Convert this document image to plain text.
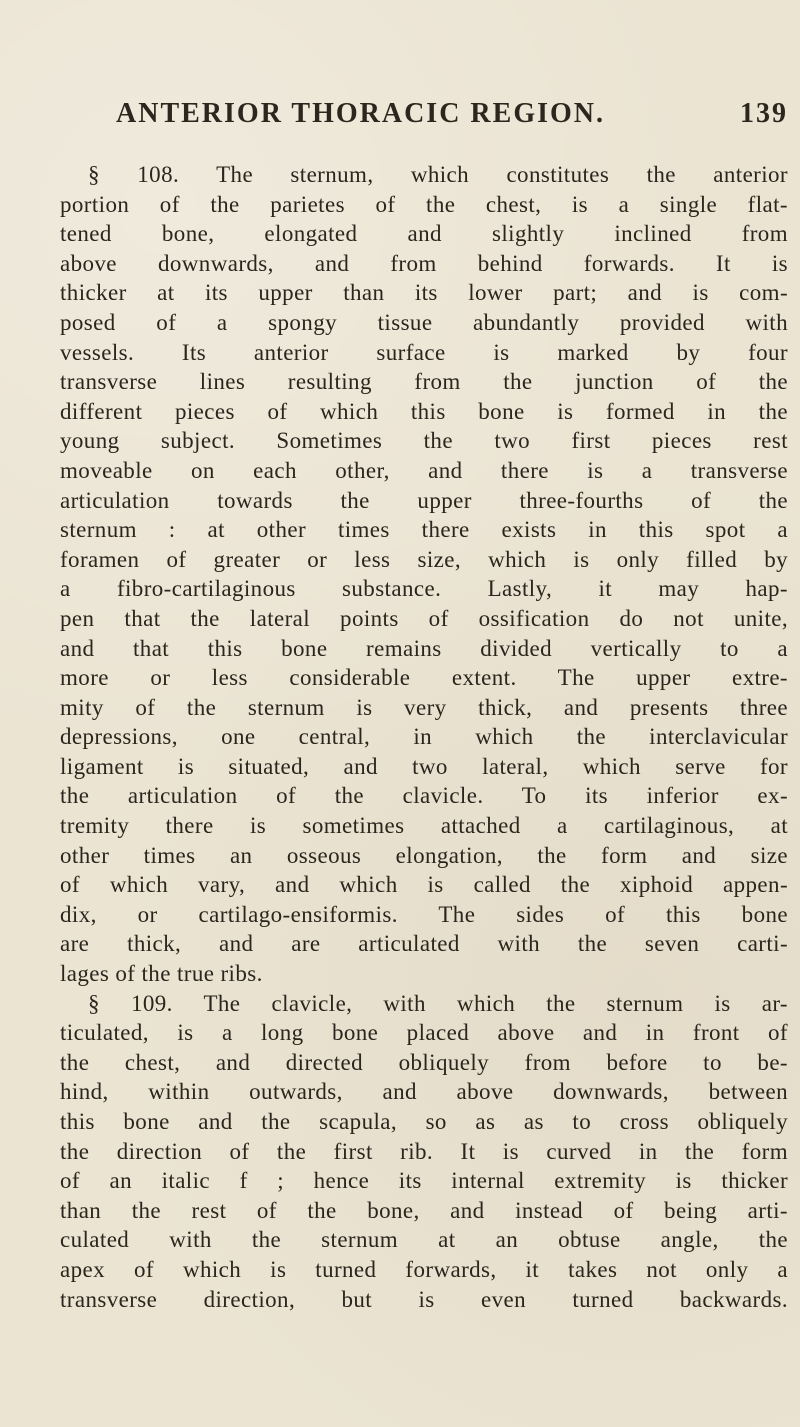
ANTERIOR THORACIC REGION.	139
§ 108. The sternum, which constitutes the anterior
portion of the parietes of the chest, is a single flat-
tened bone, elongated and slightly inclined from
above downwards, and from behind forwards. It is
thicker at its upper than its lower part; and is com-
posed of a spongy tissue abundantly provided with
vessels. Its anterior surface is marked by four
transverse lines resulting from the junction of the
different pieces of which this bone is formed in the
young subject. Sometimes the two first pieces rest
moveable on each other, and there is a transverse
articulation towards the upper three-fourths of the
sternum : at other times there exists in this spot a
foramen of greater or less size, which is only filled by
a fibro-cartilaginous substance. Lastly, it may hap-
pen that the lateral points of ossification do not unite,
and that this bone remains divided vertically to a
more or less considerable extent. The upper extre-
mity of the sternum is very thick, and presents three
depressions, one central, in which the interclavicular
ligament is situated, and two lateral, which serve for
the articulation of the clavicle. To its inferior ex-
tremity there is sometimes attached a cartilaginous, at
other times an osseous elongation, the form and size
of which vary, and which is called the xiphoid appen-
dix, or cartilago-ensiformis. The sides of this bone
are thick, and are articulated with the seven carti-
lages of the true ribs.
§ 109. The clavicle, with which the sternum is ar-
ticulated, is a long bone placed above and in front of
the chest, and directed obliquely from before to be-
hind, within outwards, and above downwards, between
this bone and the scapula, so as as to cross obliquely
the direction of the first rib. It is curved in the form
of an italic f ; hence its internal extremity is thicker
than the rest of the bone, and instead of being arti-
culated with the sternum at an obtuse angle, the
apex of which is turned forwards, it takes not only a
transverse direction, but is even turned backwards.
